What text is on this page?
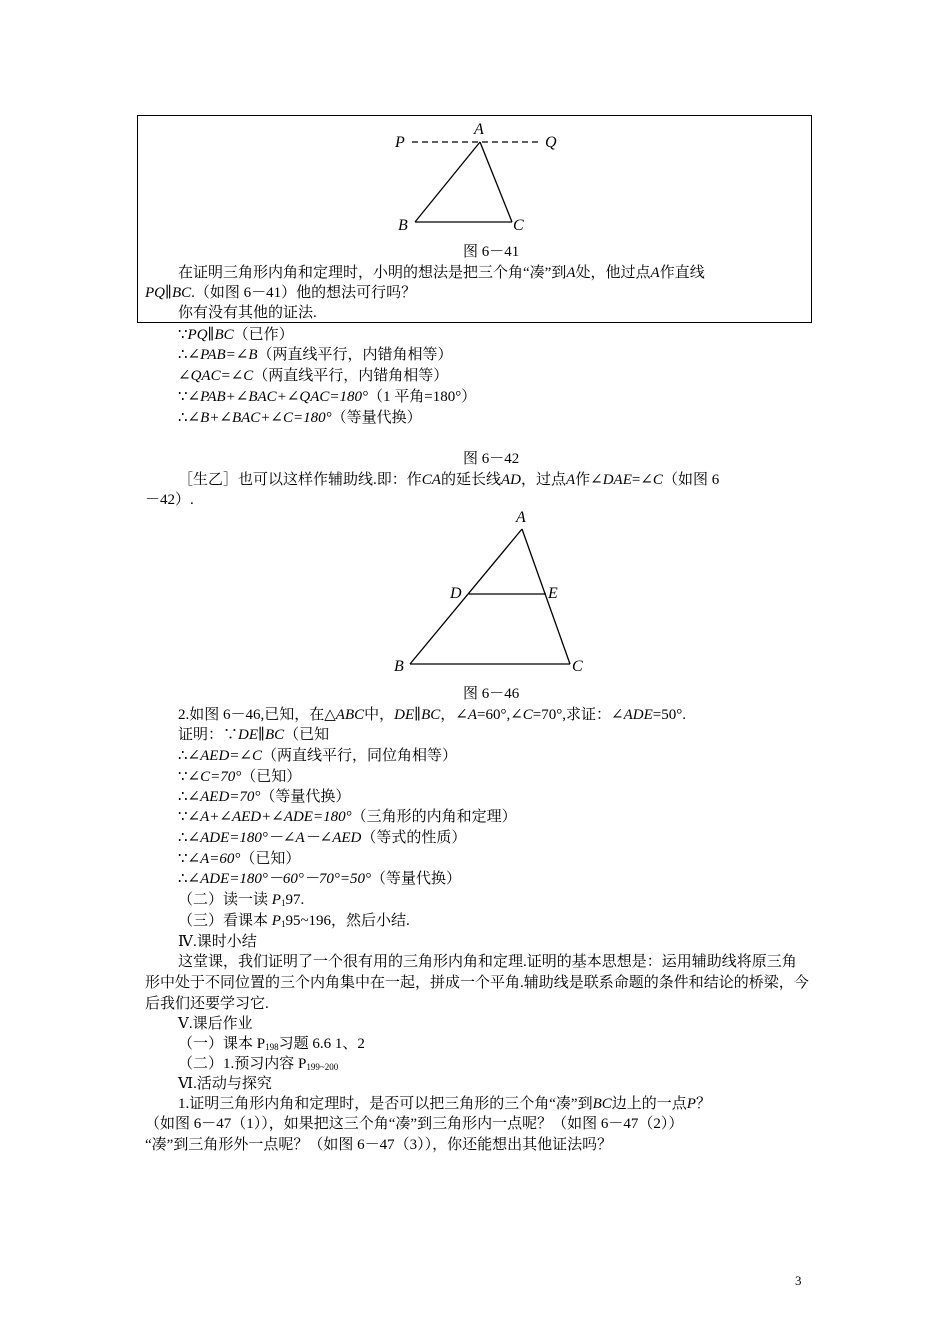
P
A
Q
B	C
图 6－41
在证明三角形内角和定理时，小明的想法是把三个角“凑”到A处，他过点A作直线
PQ∥BC.（如图 6－41）他的想法可行吗？
你有没有其他的证法.
∵PQ∥BC（已作）
∴∠PAB=∠B（两直线平行，内错角相等）
∠QAC=∠C（两直线平行，内错角相等）
∵∠PAB+∠BAC+∠QAC=180°（1 平角=180°）
∴∠B+∠BAC+∠C=180°（等量代换）
图 6－42
［生乙］也可以这样作辅助线.即：作CA的延长线AD，过点A作∠DAE=∠C（如图 6
－42）.
A
D	E
B	C
图 6－46
2.如图 6－46,已知，在△ABC中，DE∥BC，∠A=60°,∠C=70°,求证：∠ADE=50°.
证明：∵DE∥BC（已知
∴∠AED=∠C（两直线平行，同位角相等）
∵∠C=70°（已知）
∴∠AED=70°（等量代换）
∵∠A+∠AED+∠ADE=180°（三角形的内角和定理）
∴∠ADE=180°－∠A－∠AED（等式的性质）
∵∠A=60°（已知）
∴∠ADE=180°－60°－70°=50°（等量代换）
（二）读一读 $P_197$.
（三）看课本 $P_195\sim 196$，然后小结.
Ⅳ.课时小结
这堂课，我们证明了一个很有用的三角形内角和定理.证明的基本思想是：运用辅助线将原三角形中处于不同位置的三个内角集中在一起，拼成一个平角.辅助线是联系命题的条件和结论的桥梁，今后我们还要学习它.
Ⅴ.课后作业
（一）课本 $P_{198}$习题 6.6 1、2
（二）1.预习内容 $P_{199\sim 200}$
Ⅵ.活动与探究
1.证明三角形内角和定理时，是否可以把三角形的三个角“凑”到BC边上的一点P？
（如图 6－47（1）），如果把这三个角“凑”到三角形内一点呢？（如图 6－47（2））
“凑”到三角形外一点呢？（如图 6－47（3）），你还能想出其他证法吗？
3
